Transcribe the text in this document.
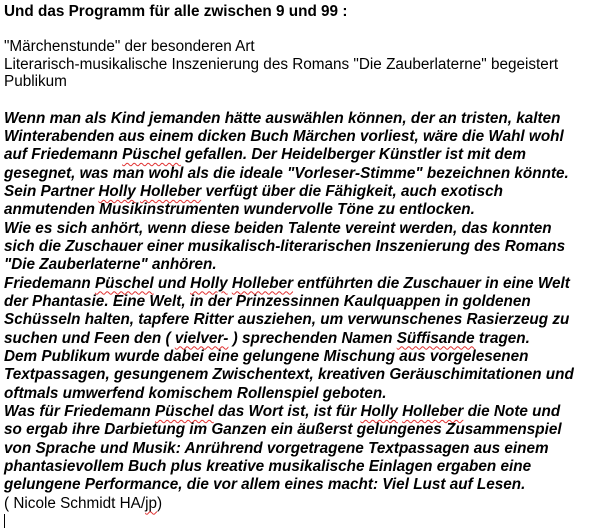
Und das Programm für alle zwischen 9 und 99 :
"Märchenstunde" der besonderen Art
Literarisch-musikalische Inszenierung des Romans "Die Zauberlaterne" begeistert
Publikum
Wenn man als Kind jemanden hätte auswählen können, der an tristen, kalten
Winterabenden aus einem dicken Buch Märchen vorliest, wäre die Wahl wohl
auf Friedemann Püschel gefallen. Der Heidelberger Künstler ist mit dem
gesegnet, was man wohl als die ideale "Vorleser-Stimme" bezeichnen könnte.
Sein Partner Holly Holleber verfügt über die Fähigkeit, auch exotisch
anmutenden Musikinstrumenten wundervolle Töne zu entlocken.
Wie es sich anhört, wenn diese beiden Talente vereint werden, das konnten
sich die Zuschauer einer musikalisch-literarischen Inszenierung des Romans
"Die Zauberlaterne" anhören.
Friedemann Püschel und Holly Holleber entführten die Zuschauer in eine Welt
der Phantasie. Eine Welt, in der Prinzessinnen Kaulquappen in goldenen
Schüsseln halten, tapfere Ritter ausziehen, um verwunschenes Rasierzeug zu
suchen und Feen den ( vielver- ) sprechenden Namen Süffisande tragen.
Dem Publikum wurde dabei eine gelungene Mischung aus vorgelesenen
Textpassagen, gesungenem Zwischentext, kreativen Geräuschimitationen und
oftmals umwerfend komischem Rollenspiel geboten.
Was für Friedemann Püschel das Wort ist, ist für Holly Holleber die Note und
so ergab ihre Darbietung im Ganzen ein äußerst gelungenes Zusammenspiel
von Sprache und Musik: Anrührend vorgetragene Textpassagen aus einem
phantasievollem Buch plus kreative musikalische Einlagen ergaben eine
gelungene Performance, die vor allem eines macht: Viel Lust auf Lesen.
( Nicole Schmidt HA/jp)
